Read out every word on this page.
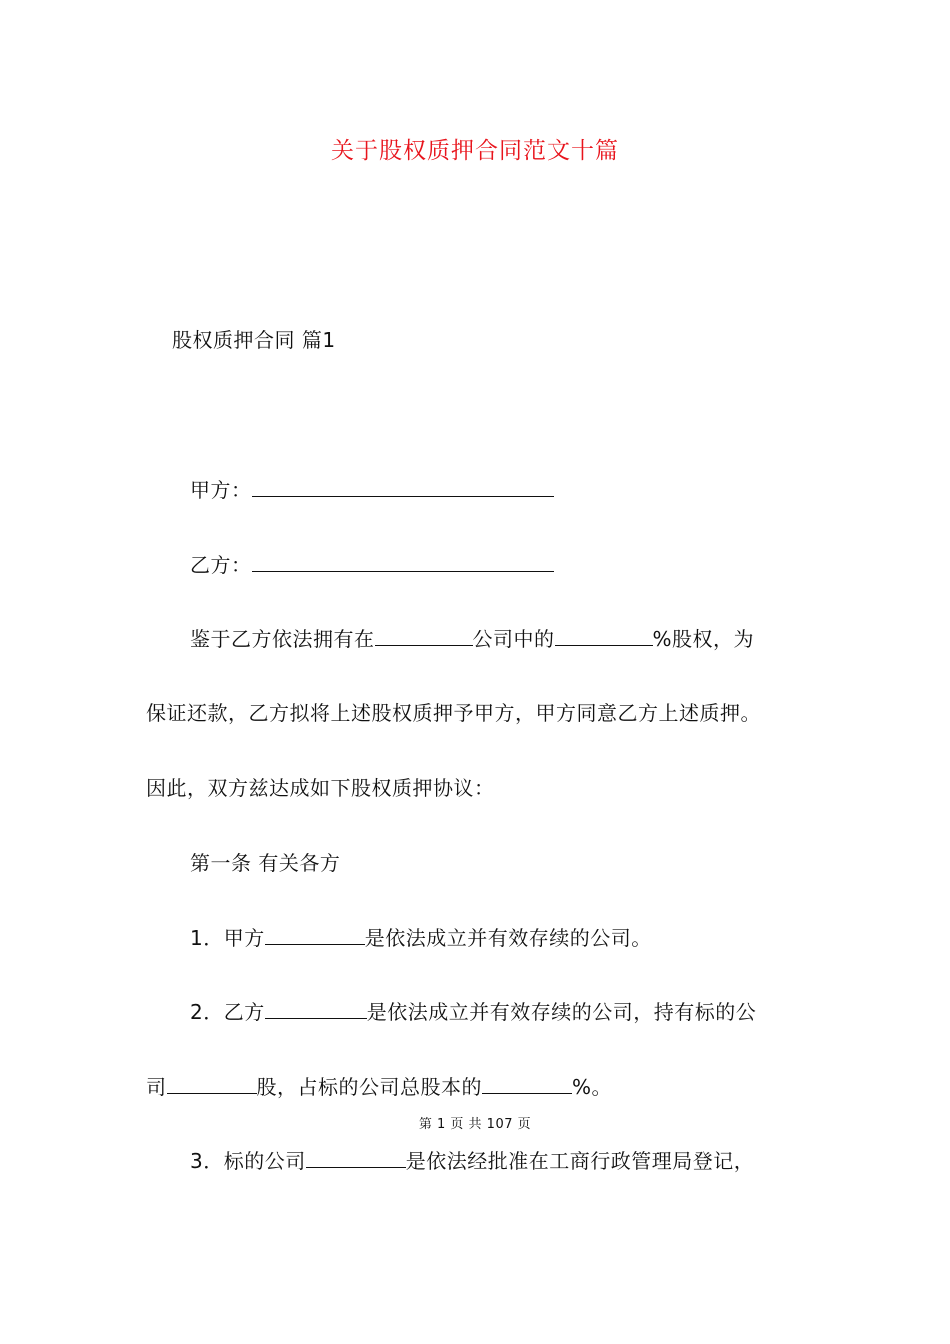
关于股权质押合同范文十篇
股权质押合同 篇1
甲方：
乙方：
鉴于乙方依法拥有在	公司中的	%股权，为
保证还款，乙方拟将上述股权质押予甲方，甲方同意乙方上述质押。
因此，双方兹达成如下股权质押协议：
第一条 有关各方
1．甲方	是依法成立并有效存续的公司。
2．乙方	是依法成立并有效存续的公司，持有标的公
司	股，占标的公司总股本的	%。
第 1 页 共 107 页
3．标的公司	是依法经批准在工商行政管理局登记，
